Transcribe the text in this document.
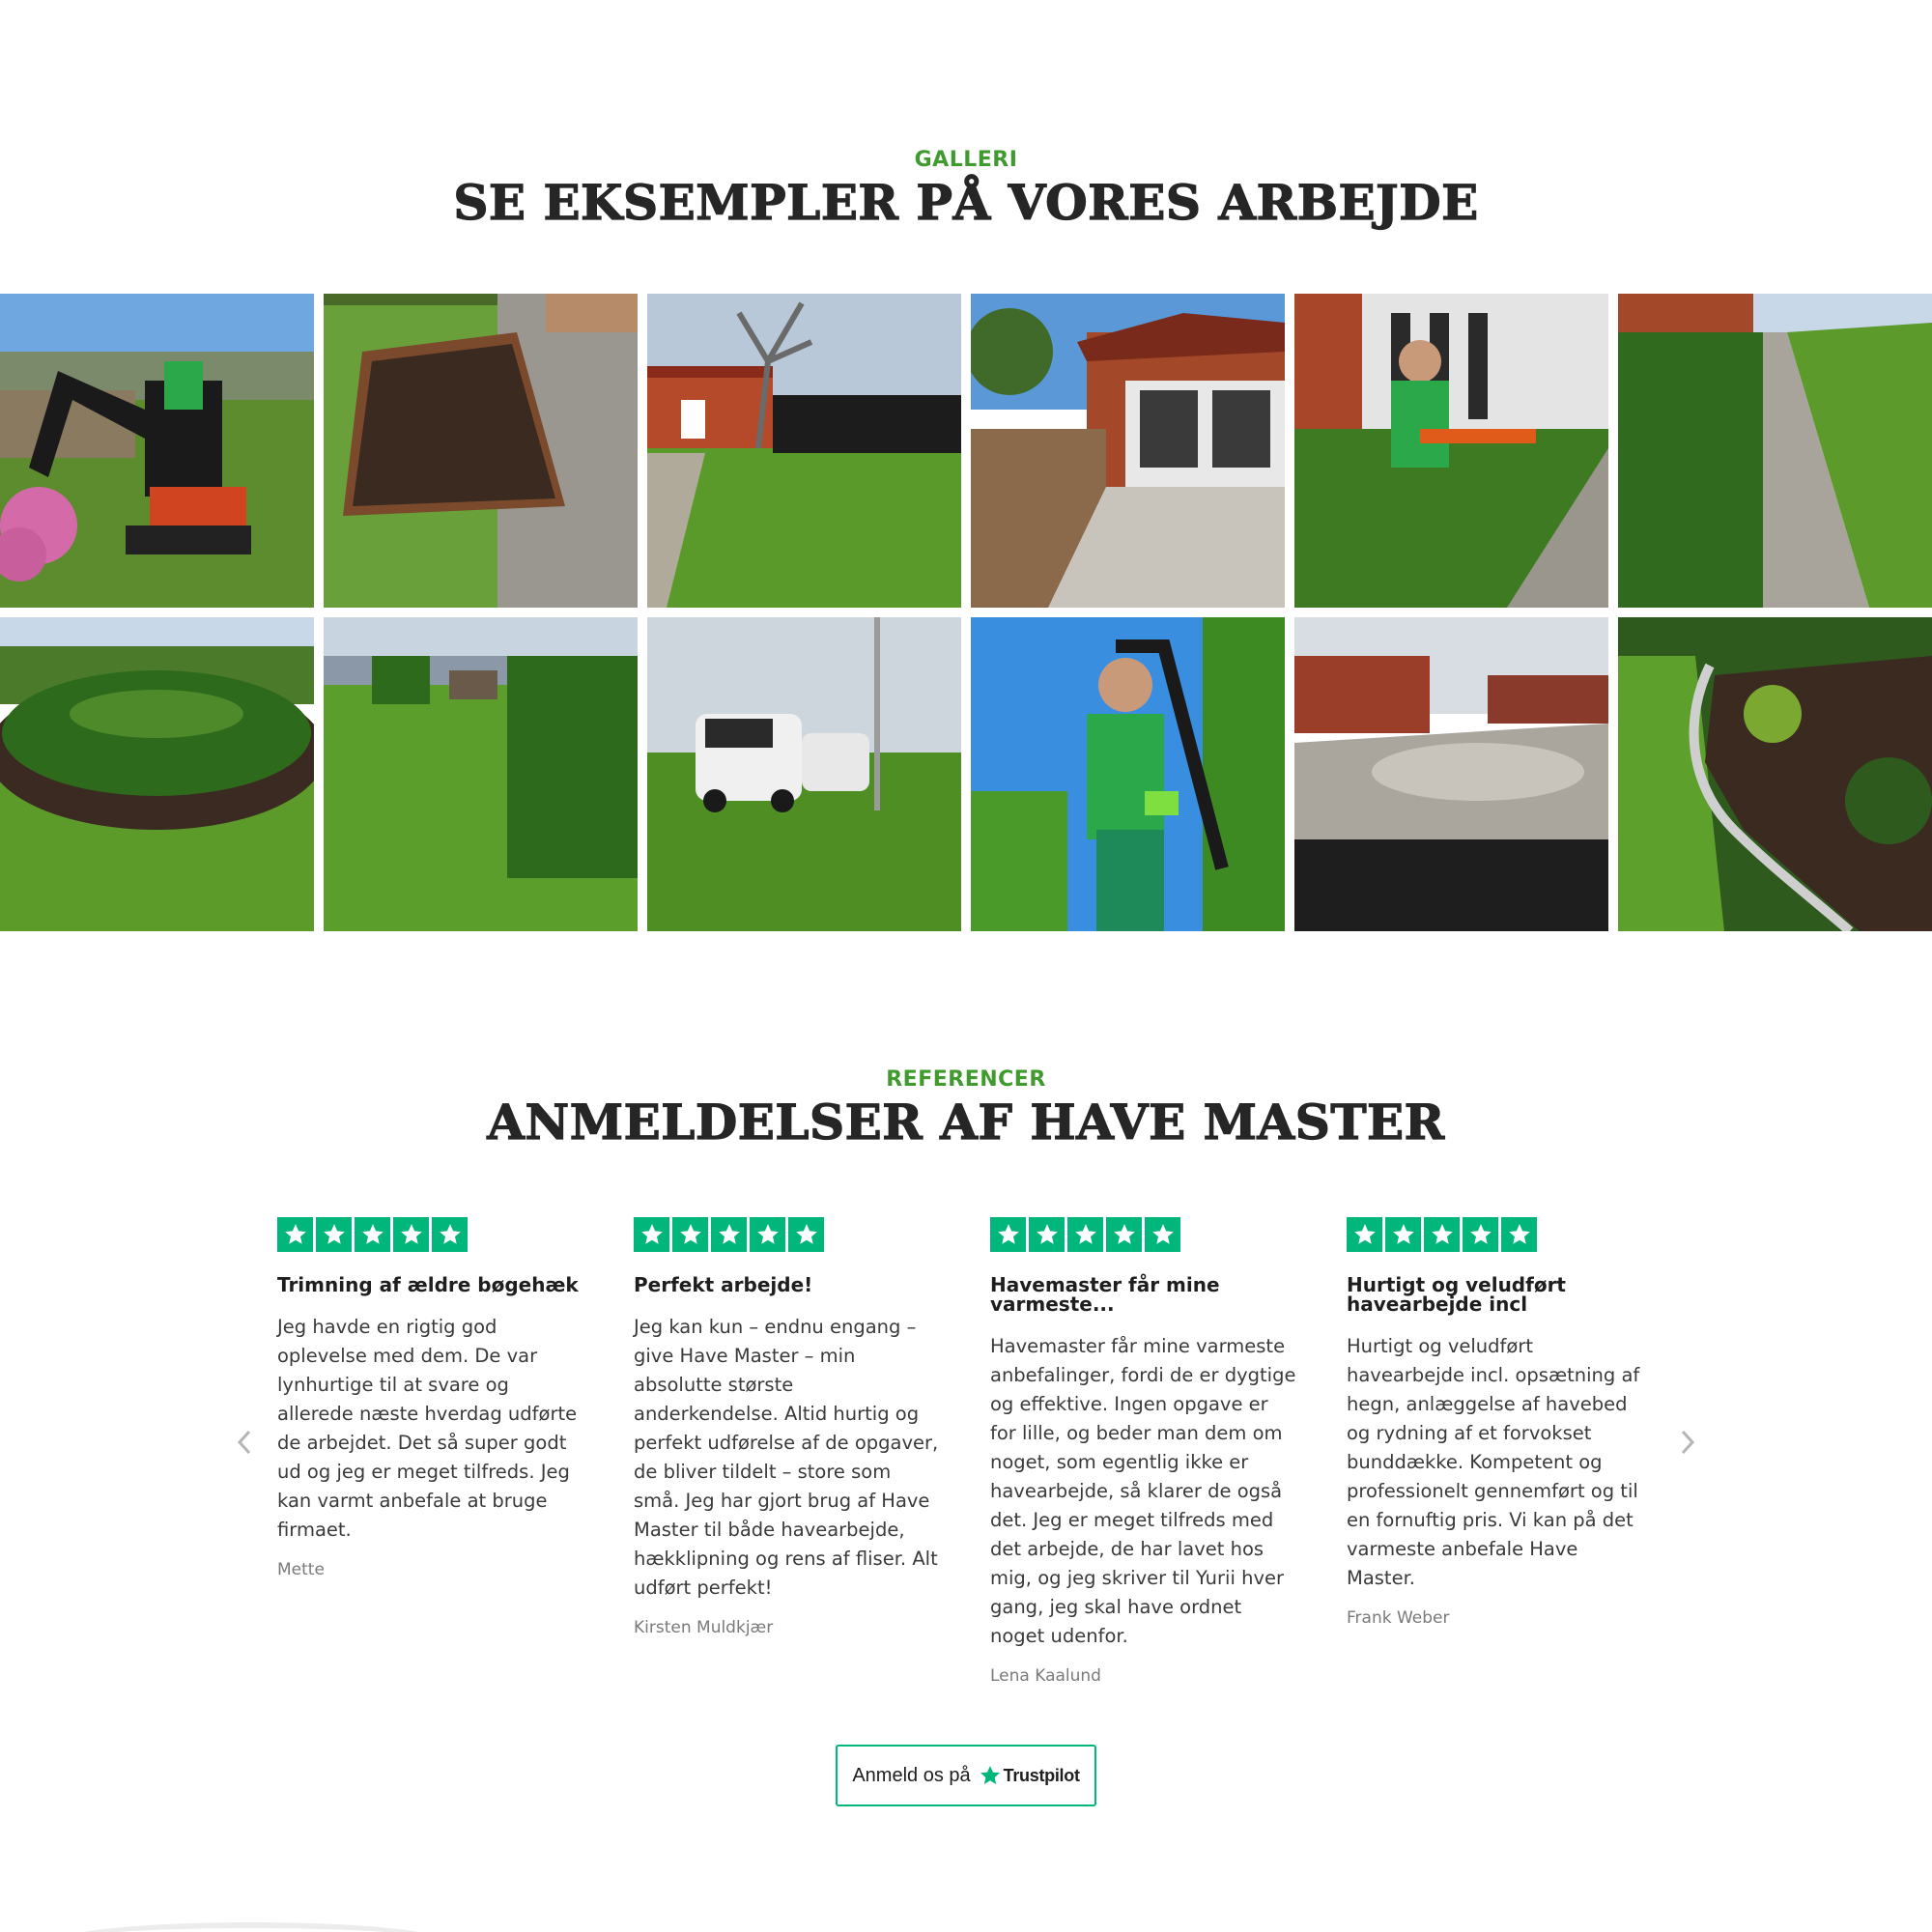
GALLERI
SE EKSEMPLER PÅ VORES ARBEJDE
REFERENCER
ANMELDELSER AF HAVE MASTER
Trimning af ældre bøgehæk
Jeg havde en rigtig god
oplevelse med dem. De var
lynhurtige til at svare og
allerede næste hverdag udførte
de arbejdet. Det så super godt
ud og jeg er meget tilfreds. Jeg
kan varmt anbefale at bruge
firmaet.
Mette
Perfekt arbejde!
Jeg kan kun – endnu engang –
give Have Master – min
absolutte største
anderkendelse. Altid hurtig og
perfekt udførelse af de opgaver,
de bliver tildelt – store som
små. Jeg har gjort brug af Have
Master til både havearbejde,
hækklipning og rens af fliser. Alt
udført perfekt!
Kirsten Muldkjær
Havemaster får mine
varmeste...
Havemaster får mine varmeste
anbefalinger, fordi de er dygtige
og effektive. Ingen opgave er
for lille, og beder man dem om
noget, som egentlig ikke er
havearbejde, så klarer de også
det. Jeg er meget tilfreds med
det arbejde, de har lavet hos
mig, og jeg skriver til Yurii hver
gang, jeg skal have ordnet
noget udenfor.
Lena Kaalund
Hurtigt og veludført
havearbejde incl
Hurtigt og veludført
havearbejde incl. opsætning af
hegn, anlæggelse af havebed
og rydning af et forvokset
bunddække. Kompetent og
professionelt gennemført og til
en fornuftig pris. Vi kan på det
varmeste anbefale Have
Master.
Frank Weber
Anmeld os på Trustpilot
